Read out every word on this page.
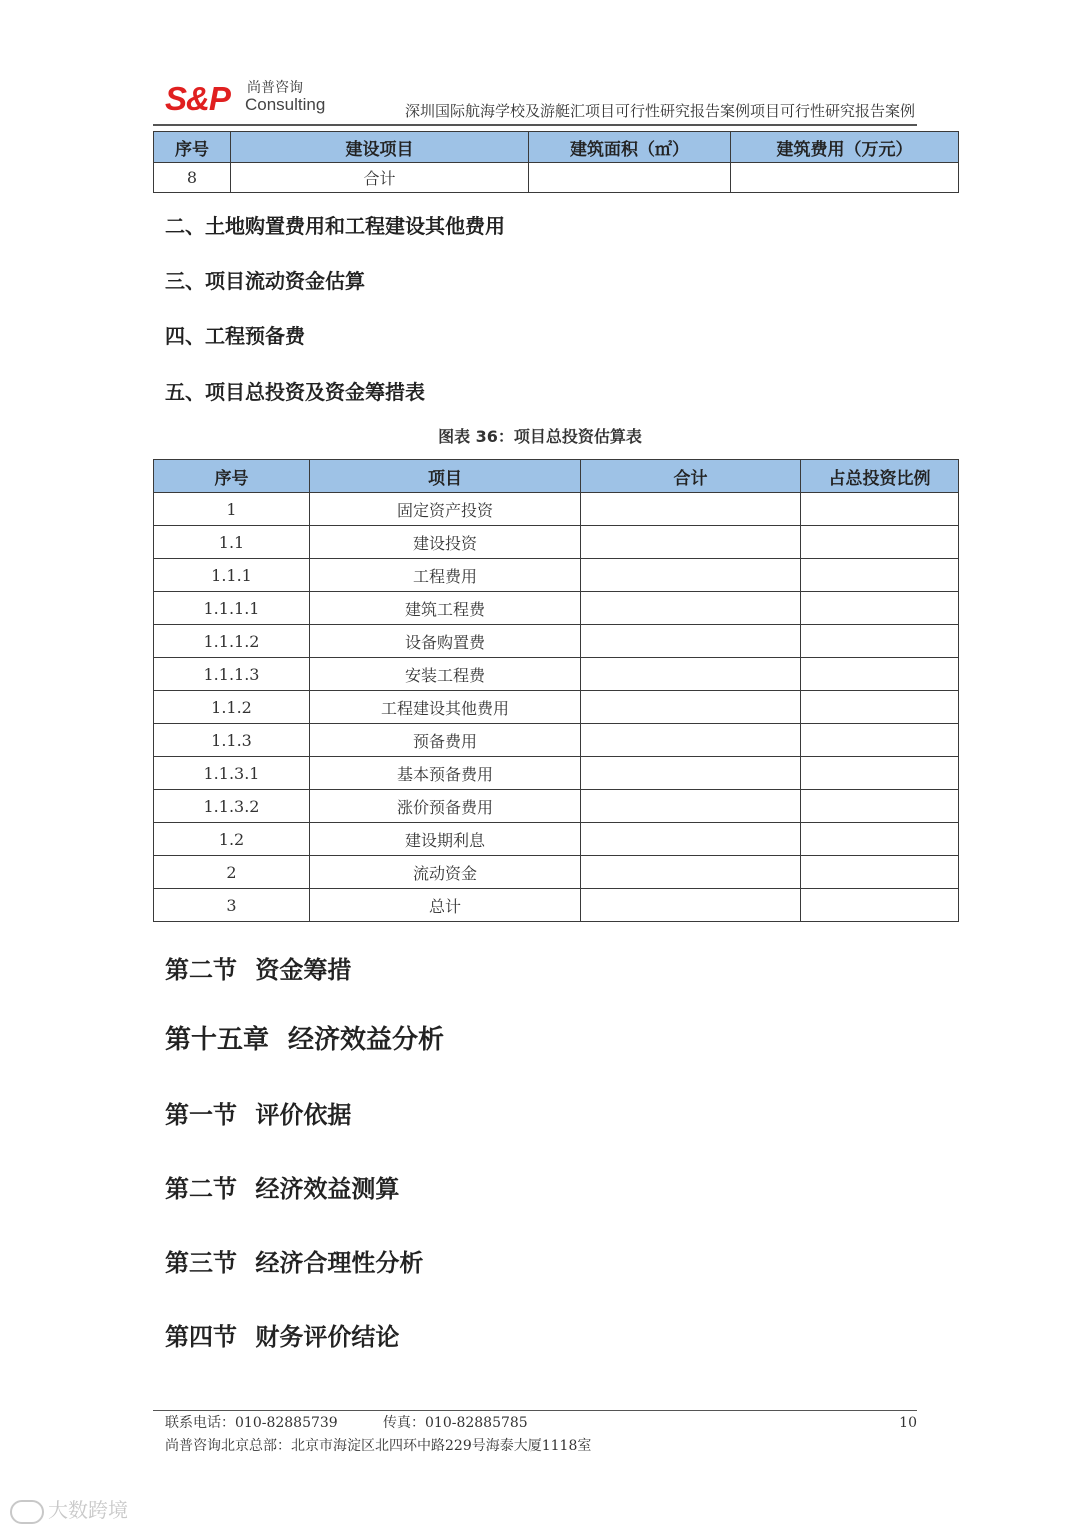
S&P 尚普咨询
Consulting	深圳国际航海学校及游艇汇项目可行性研究报告案例项目可行性研究报告案例
序号	建设项目	建筑面积（㎡）	建筑费用（万元）
8	合计		
二、土地购置费用和工程建设其他费用
三、项目流动资金估算
四、工程预备费
五、项目总投资及资金筹措表
图表 36：项目总投资估算表
序号	项目	合计	占总投资比例
1	固定资产投资		
1.1	建设投资		
1.1.1	工程费用		
1.1.1.1	建筑工程费		
1.1.1.2	设备购置费		
1.1.1.3	安装工程费		
1.1.2	工程建设其他费用		
1.1.3	预备费用		
1.1.3.1	基本预备费用		
1.1.3.2	涨价预备费用		
1.2	建设期利息		
2	流动资金		
3	总计		
第二节 资金筹措
第十五章 经济效益分析
第一节 评价依据
第二节 经济效益测算
第三节 经济合理性分析
第四节 财务评价结论
联系电话：010-82885739	传真：010-82885785	10
尚普咨询北京总部：北京市海淀区北四环中路229号海泰大厦1118室
大数跨境
